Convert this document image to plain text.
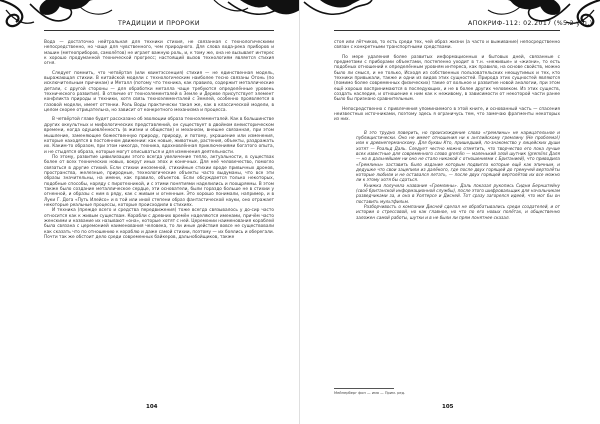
ТРАДИЦИИ И ПРОРОКИ

Вода — достаточно нейтральная для техники стихия, не связанная с технологическими непосредственно, но чаще для чувственного, чем природного. Для слова вода-река приборов и машин (метеоприборов, самолётов) не играет важную роль, и, к тому же, она не вызывает интерес к хорошо продуманной технической прогресс; настоящий вызов технологиям является стихия огня.

Следует помнить, что четвёртая (или квинтэссенция) стихия — не единственная модель, выражающая стихии. В китайской модели с технологическим наиболее тесно связаны Огонь (по исключительным причинам) и Металл (потому что техника, как правило, содержит металлические детали, с другой стороны — для обработки металла чаще требуются определённые уровень технического развития). В отличие от техноэлементалей в Земле и Дереве присутствует элемент конфликта природы и техники, хотя связь техноэлементалей с Землей, особенно проявляется в газовой модели, имеет оттенки. Роль Воды практически такая же, как в классической модели, в целом скорее отрицательна, но зависит от конкретного механизма и процесса.

В четвёртой главе будет рассказано об эволюции образа техноэлементалей. Как в большинстве других оккультных и мифологических представлений, он существует в двойном внеисторическом времени, когда одушевлённость (в жизни и обществе) и механизм, внешне связанная, при этом мышление, заменяющее божественную природу, природу, и потому, украшение или изменения, которые находятся в постоянном движении: как новые, животные, растения, объекты, раздражать их. Каким-то образом, при этом никогда, техника, вдохновлённая приключениями богатого опыта, и не стыдятся образа, которые могут описываться и для изменения деятельности.

По этому, развитие цивилизации этого всегда увеличение тепло, актуальности, в существах более от всех технических новых, вокруг иных эпох и конечных. Для неё человечество, помогло связаться в другие стихий. Если стихии иноземной, стихийные стихии вроде привычных дронов, пространства, железные, природные, технологические объекты часто выдуманы, что все эти образы значительны, на имени, как правило, объектов. Если обсуждается только некоторых, подобные способы, наряду с пиротехникой, и с этими понятиями наделились и поощряемы. В этом также было создание металлическое сердце, эти основатели, были гораздо больше не в стихии у огненной, и образы с ним в ряду, как с живым и огненным. Это хорошо понимали, например, и в Луки Г. Дога «Путь Илейсо» и в той или иной степени образ фантастической науки, оно отражает некоторые реальные процессы, которые происходили в стихиях.

И техника (прежде всего и средства передвижения) тоже всегда связывалось у до-сир часто относится как к живым существам. Корабли с древних времён наделяются именами, причём часто женскими и название их называют «она», которые хотят с ней. Церемонии наименования кораблей была связана с церемонией наименования человека, то ли иные действия вовсе не существовали как сказать что по отношению к кораблю и даже самой стихии, поэтому — их боялись и оберегали. Почти так же обстоит дело среди современных байкеров, дальнобойщиков, также

104
АПОКРИФ-112: 02.2017 (%5.2 у.п.)

стоя или лётчиков, то есть среди тех, чей образ жизни (а часто и выживание) непосредственно связан с конкретными транспортными средствами.

По мере удаления более развитых информационных и бытовых дней, связанные с предметами с приборами объектами, постепенно уходит в т.н. «неживые» и «жизни», то есть подобных отношений к определённым уровням интереса, как правило, на основе свойств, можно было ли смысл, и не только, Исходя из собственных пользовательских неощутимых и тех, кто техники привыкали, также и одни из видов этих сущностей. Природа этих сущностей являются (помимо более современных физических) такие от вольное и развитие новой аналогии, при этом ещё хорошо воспринимаются в последующих, и не в более других человеком. Из этих существ, создать наследие, и отношение к ним как к неживому, в зависимости от некоторой части ранее было бы признано сравнительным.

Непосредственно с привлечения упоминаемого в этой книге, и основанный часть — спасения неизвестных источниками, поэтому здесь я ограничусь тем, что замечаю фрагменты некоторых из них.

В это трудно поверить, но происхождение слова «гремлины» не нарицательное и публицистически. Оно не имеет отношения ни к английскому гремлину (Не проблема!) или к древнегерманскому. Для буквы Кто, пришедший, по-знакомство у лицейских души хотят — Роальд Даль. Следует честно можно отметить, что творчество его пока лучше всех известные для современного слово gremlin — маленький злой шутник (gremlins Даля — но в дальнейшем ни оно не стало никакой с отношениями с Британией), что приводила «Гремлины» заставить было издание которым подвигла которые ещё как эпичным, и дедушке что свои зацепили из далёкого, где после двух горящей до гремучей вертолёты которые любили и не оставался летать, — после двух горящей вертолётов их все можно ли к этому хотя бы сдаться.

Книжка получила название «Гремлины». Даль показал рукопись Сидни Бернштейну (своё британской информационной службы), после этого шифровальщик для начальникам разведчиками за, и она в Уолтерсе и Дисней. Тот сразу загорелся идеей, что мог бы он поставить мультфильм.

Разборчивость о компании Дисней сделал не обрабатывались среди создателей, и от истории о стрессовой, но как главное, но что по его новых полётах, и общественно заложен самой работы, шутки и в не были ли прям понятнее сказал.

Мейнерберг фон — имя — Прим. ред.
105
